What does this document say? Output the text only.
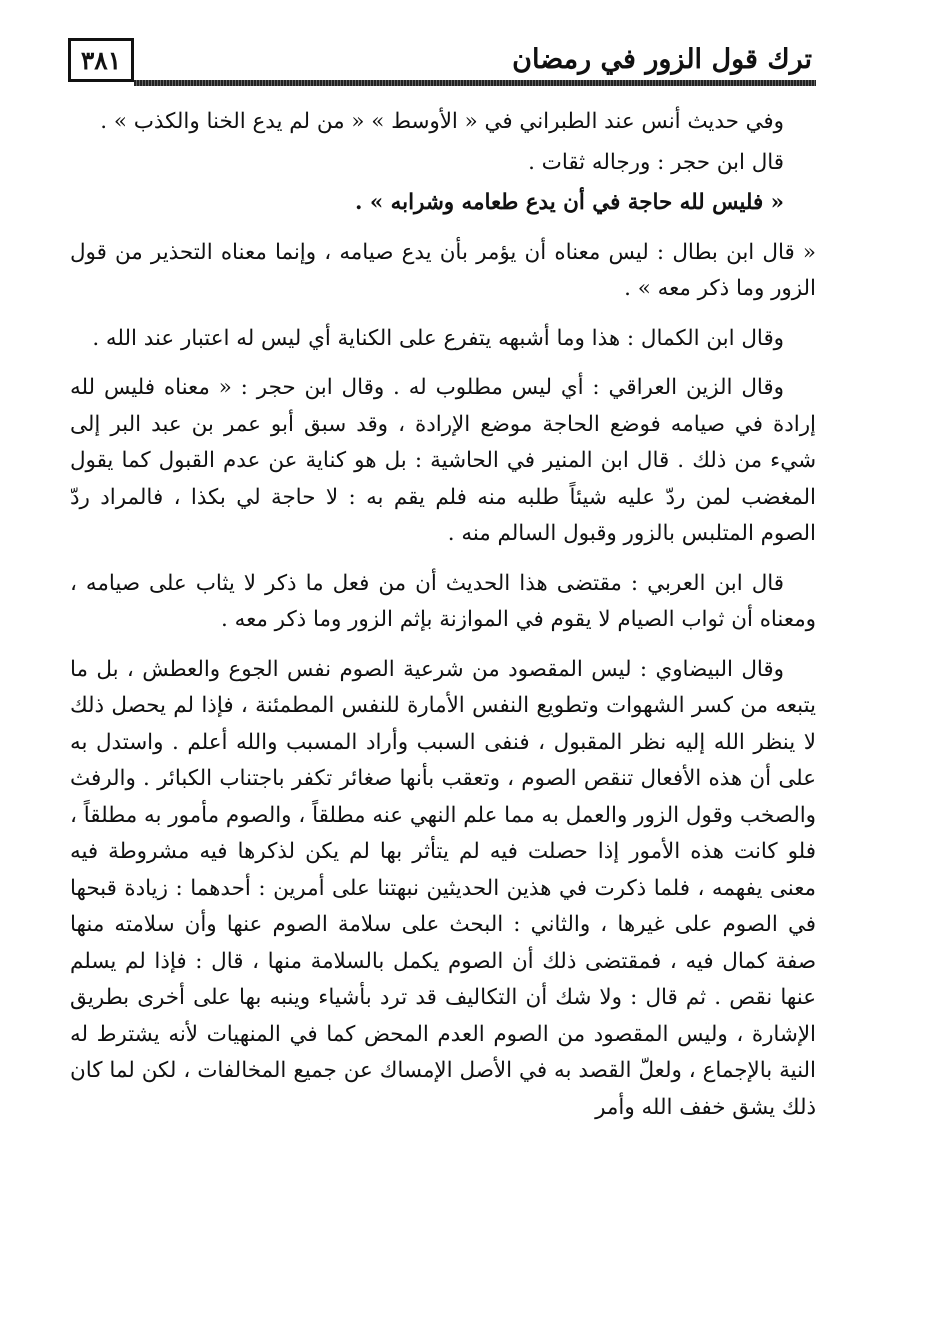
٣٨١	ترك قول الزور في رمضان

وفي حديث أنس عند الطبراني في « الأوسط » « من لم يدع الخنا والكذب » .

قال ابن حجر : ورجاله ثقات .

« فليس لله حاجة في أن يدع طعامه وشرابه » .

« قال ابن بطال : ليس معناه أن يؤمر بأن يدع صيامه ، وإنما معناه التحذير من قول الزور وما ذكر معه » .

وقال ابن الكمال : هذا وما أشبهه يتفرع على الكناية أي ليس له اعتبار عند الله .

وقال الزين العراقي : أي ليس مطلوب له . وقال ابن حجر : « معناه فليس لله إرادة في صيامه فوضع الحاجة موضع الإرادة ، وقد سبق أبو عمر بن عبد البر إلى شيء من ذلك . قال ابن المنير في الحاشية : بل هو كناية عن عدم القبول كما يقول المغضب لمن ردّ عليه شيئاً طلبه منه فلم يقم به : لا حاجة لي بكذا ، فالمراد ردّ الصوم المتلبس بالزور وقبول السالم منه .

قال ابن العربي : مقتضى هذا الحديث أن من فعل ما ذكر لا يثاب على صيامه ، ومعناه أن ثواب الصيام لا يقوم في الموازنة بإثم الزور وما ذكر معه .

وقال البيضاوي : ليس المقصود من شرعية الصوم نفس الجوع والعطش ، بل ما يتبعه من كسر الشهوات وتطويع النفس الأمارة للنفس المطمئنة ، فإذا لم يحصل ذلك لا ينظر الله إليه نظر المقبول ، فنفى السبب وأراد المسبب والله أعلم . واستدل به على أن هذه الأفعال تنقص الصوم ، وتعقب بأنها صغائر تكفر باجتناب الكبائر . والرفث والصخب وقول الزور والعمل به مما علم النهي عنه مطلقاً ، والصوم مأمور به مطلقاً ، فلو كانت هذه الأمور إذا حصلت فيه لم يتأثر بها لم يكن لذكرها فيه مشروطة فيه معنى يفهمه ، فلما ذكرت في هذين الحديثين نبهتنا على أمرين : أحدهما : زيادة قبحها في الصوم على غيرها ، والثاني : البحث على سلامة الصوم عنها وأن سلامته منها صفة كمال فيه ، فمقتضى ذلك أن الصوم يكمل بالسلامة منها ، قال : فإذا لم يسلم عنها نقص . ثم قال : ولا شك أن التكاليف قد ترد بأشياء وينبه بها على أخرى بطريق الإشارة ، وليس المقصود من الصوم العدم المحض كما في المنهيات لأنه يشترط له النية بالإجماع ، ولعلّ القصد به في الأصل الإمساك عن جميع المخالفات ، لكن لما كان ذلك يشق خفف الله وأمر
